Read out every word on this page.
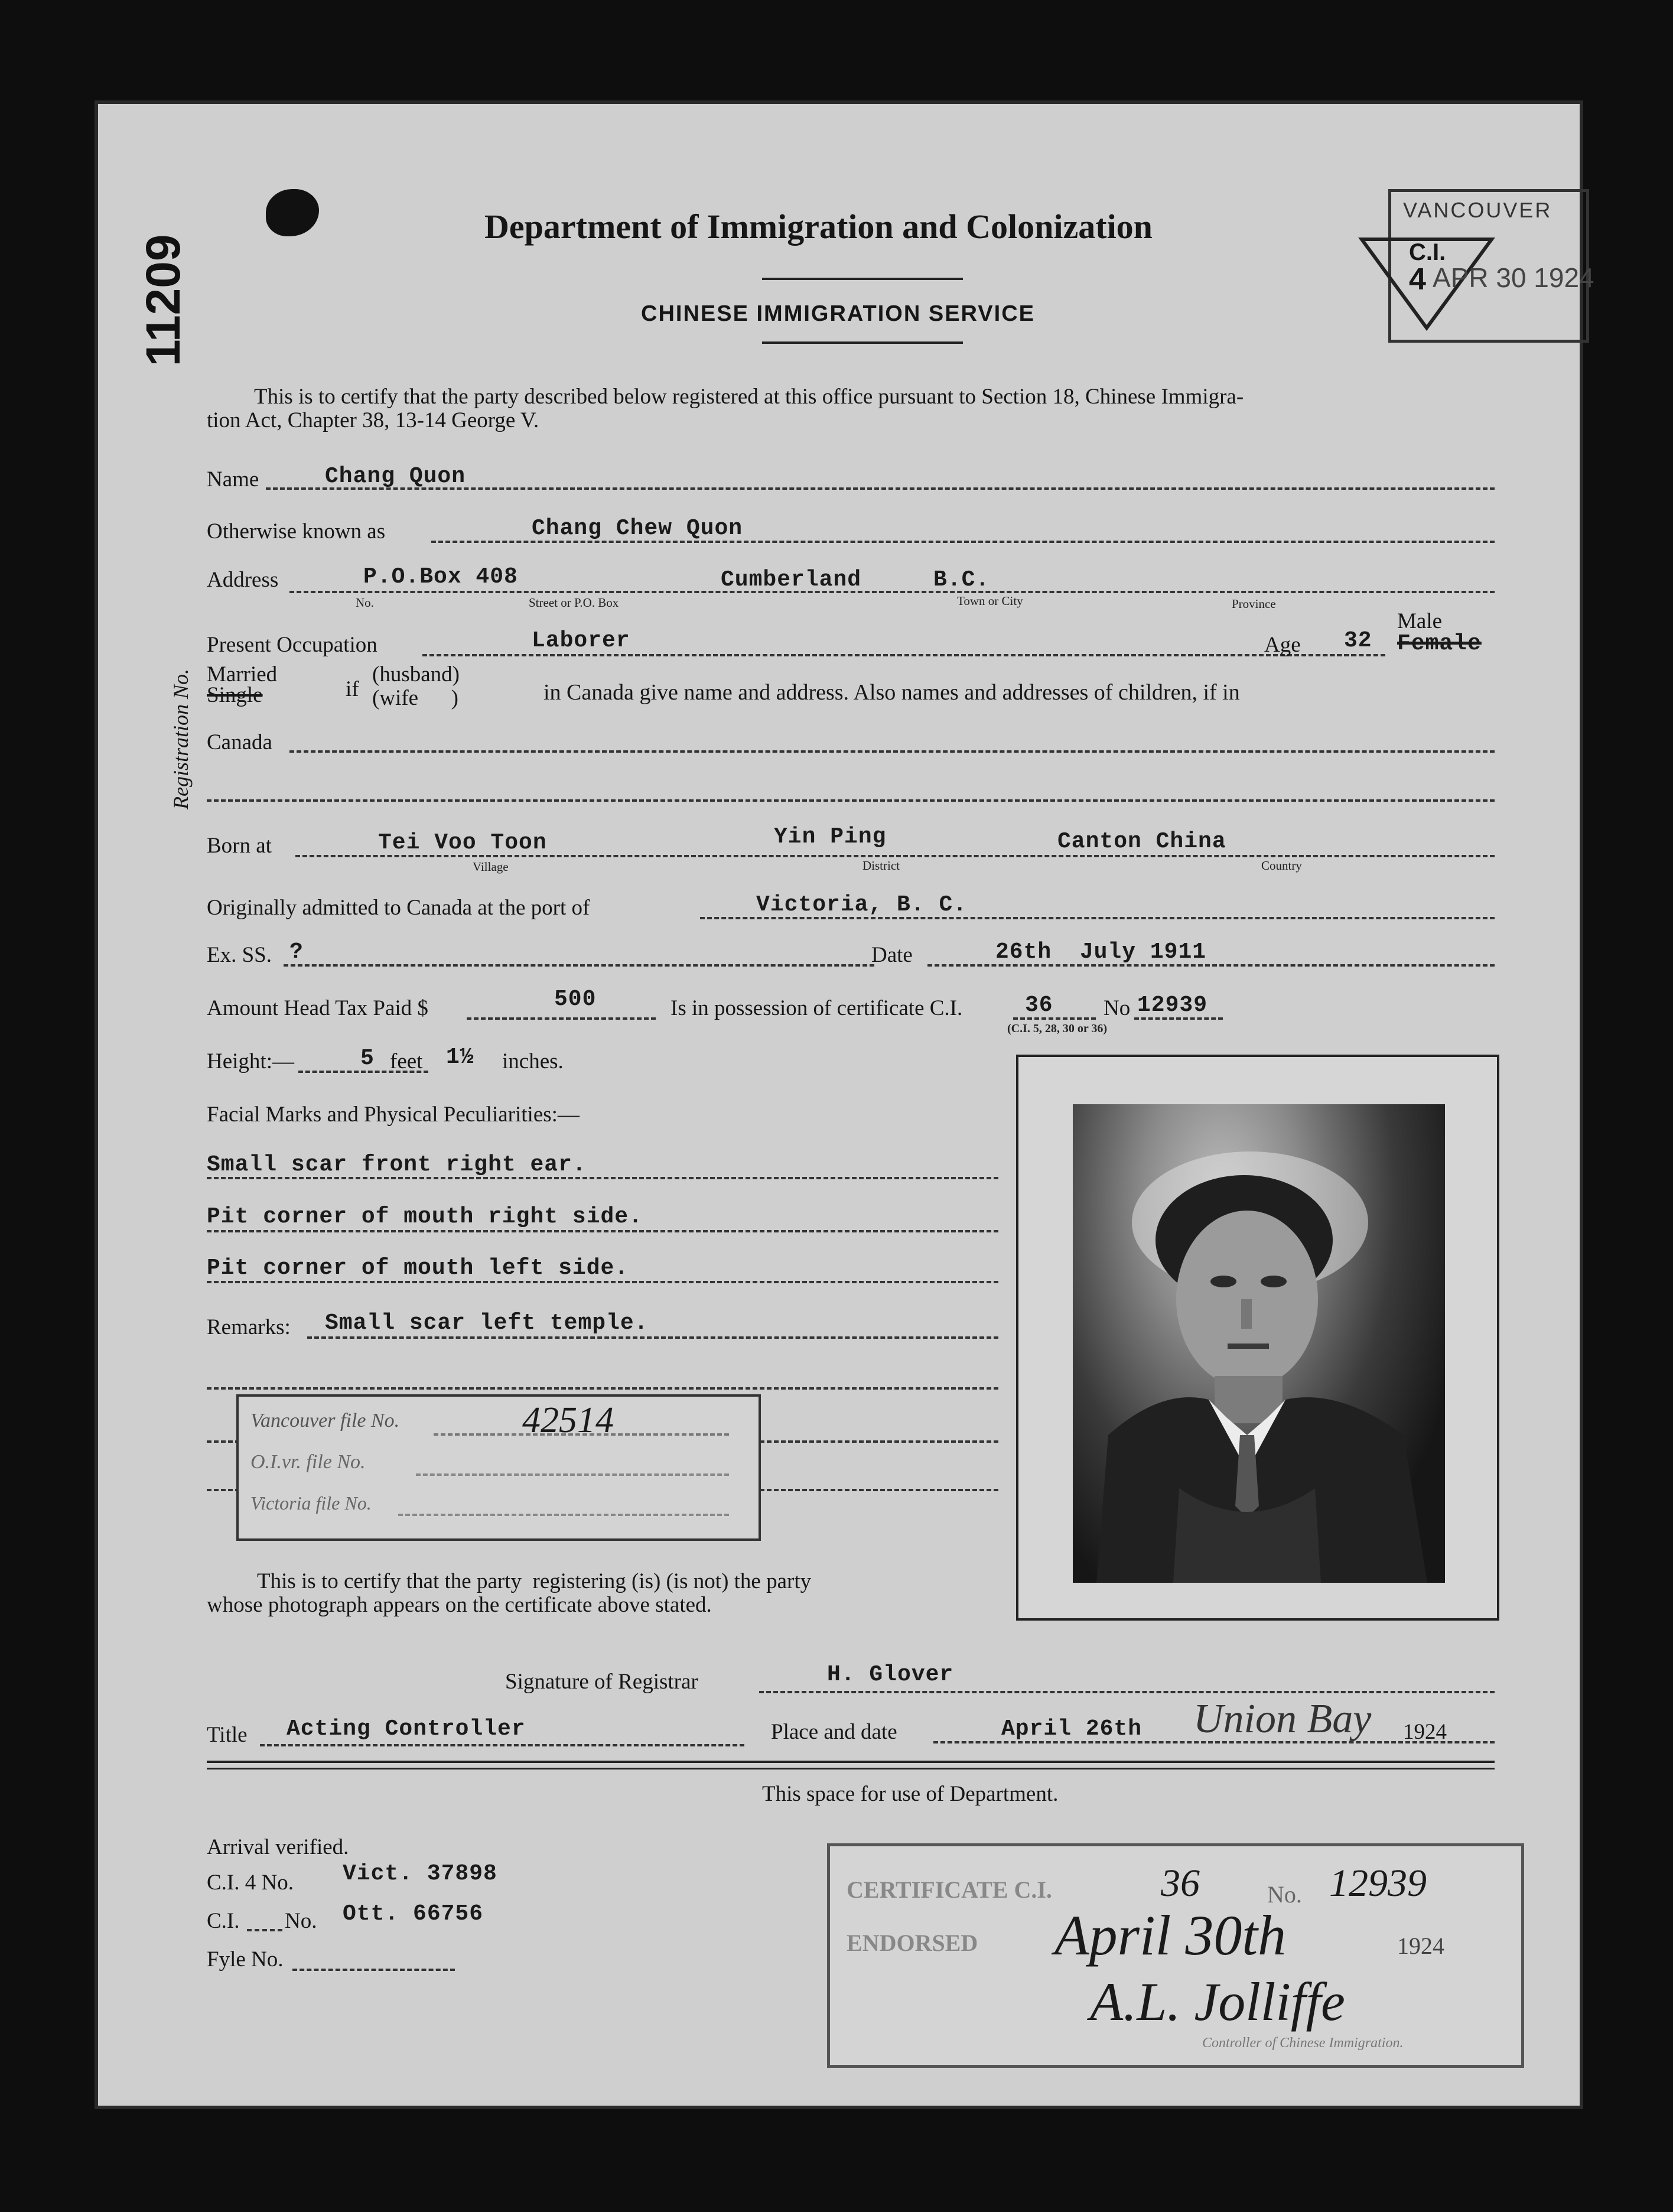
11209
Registration No.
Department of Immigration and Colonization
CHINESE IMMIGRATION SERVICE
VANCOUVER
C.I.
4 APR 30 1924
This is to certify that the party described below registered at this office pursuant to Section 18, Chinese Immigra-
tion Act, Chapter 38, 13-14 George V.
Name	Chang Quon
Otherwise known as	Chang Chew Quon
Address	P.O.Box 408	Cumberland	B.C.
No.	Street or P.O. Box	Town or City	Province
Male
Present Occupation	Laborer	Age 32 Female
Married
Single	if
(husband)
(wife      )	in Canada give name and address. Also names and addresses of children, if in
Canada
Born at	Tei Voo Toon	Yin Ping	Canton China
Village	District	Country
Originally admitted to Canada at the port of	Victoria, B. C.
Ex. SS. ?	Date	26th  July 1911
Amount Head Tax Paid $	500	Is in possession of certificate C.I.	36 No 12939
(C.I. 5, 28, 30 or 36)
Height:—	5 feet 1½ inches.
Facial Marks and Physical Peculiarities:—
Small scar front right ear.
Pit corner of mouth right side.
Pit corner of mouth left side.
Remarks: Small scar left temple.
Vancouver file No.	42514
O.I.vr. file No.
Victoria file No.
This is to certify that the party  registering (is) (is not) the party
whose photograph appears on the certificate above stated.
Signature of Registrar	H. Glover
Title Acting Controller	Place and date	April 26th Union Bay 1924
This space for use of Department.
Arrival verified.
C.I. 4 No. Vict. 37898
C.I. No. Ott. 66756
Fyle No.
CERTIFICATE C.I.	36	No. 12939
ENDORSED April 30th	1924
A.L. Jolliffe
Controller of Chinese Immigration.
